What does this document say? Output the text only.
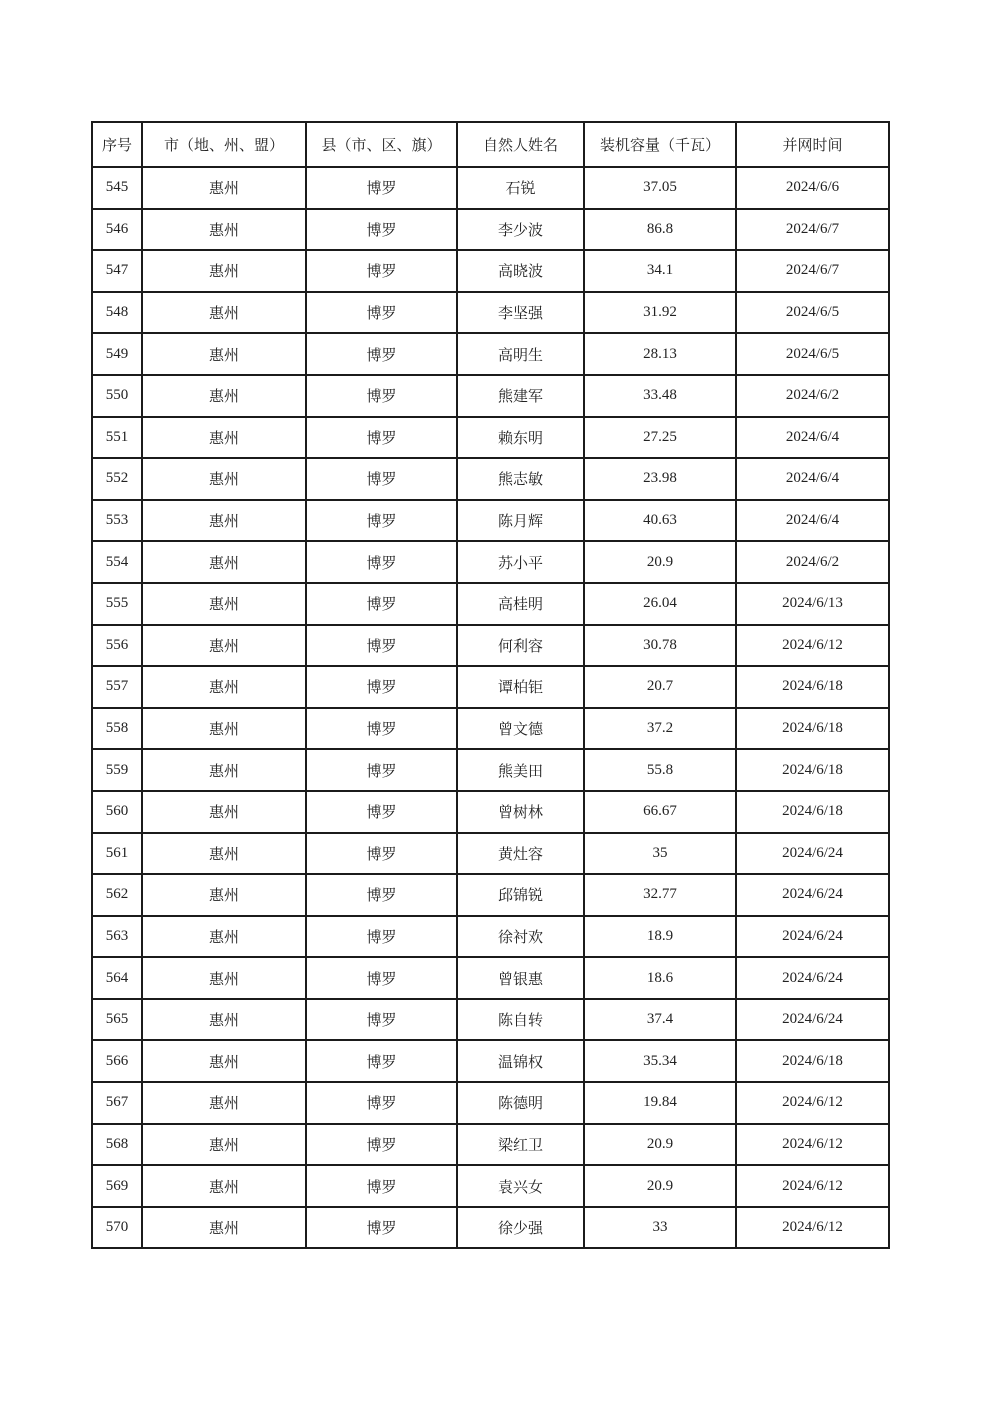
序号	市（地、州、盟）	县（市、区、旗）	自然人姓名	装机容量（千瓦）	并网时间
545	惠州	博罗	石锐	37.05	2024/6/6
546	惠州	博罗	李少波	86.8	2024/6/7
547	惠州	博罗	高晓波	34.1	2024/6/7
548	惠州	博罗	李坚强	31.92	2024/6/5
549	惠州	博罗	高明生	28.13	2024/6/5
550	惠州	博罗	熊建军	33.48	2024/6/2
551	惠州	博罗	赖东明	27.25	2024/6/4
552	惠州	博罗	熊志敏	23.98	2024/6/4
553	惠州	博罗	陈月辉	40.63	2024/6/4
554	惠州	博罗	苏小平	20.9	2024/6/2
555	惠州	博罗	高桂明	26.04	2024/6/13
556	惠州	博罗	何利容	30.78	2024/6/12
557	惠州	博罗	谭柏钜	20.7	2024/6/18
558	惠州	博罗	曾文德	37.2	2024/6/18
559	惠州	博罗	熊美田	55.8	2024/6/18
560	惠州	博罗	曾树林	66.67	2024/6/18
561	惠州	博罗	黄灶容	35	2024/6/24
562	惠州	博罗	邱锦锐	32.77	2024/6/24
563	惠州	博罗	徐衬欢	18.9	2024/6/24
564	惠州	博罗	曾银惠	18.6	2024/6/24
565	惠州	博罗	陈自转	37.4	2024/6/24
566	惠州	博罗	温锦权	35.34	2024/6/18
567	惠州	博罗	陈德明	19.84	2024/6/12
568	惠州	博罗	梁红卫	20.9	2024/6/12
569	惠州	博罗	袁兴女	20.9	2024/6/12
570	惠州	博罗	徐少强	33	2024/6/12
